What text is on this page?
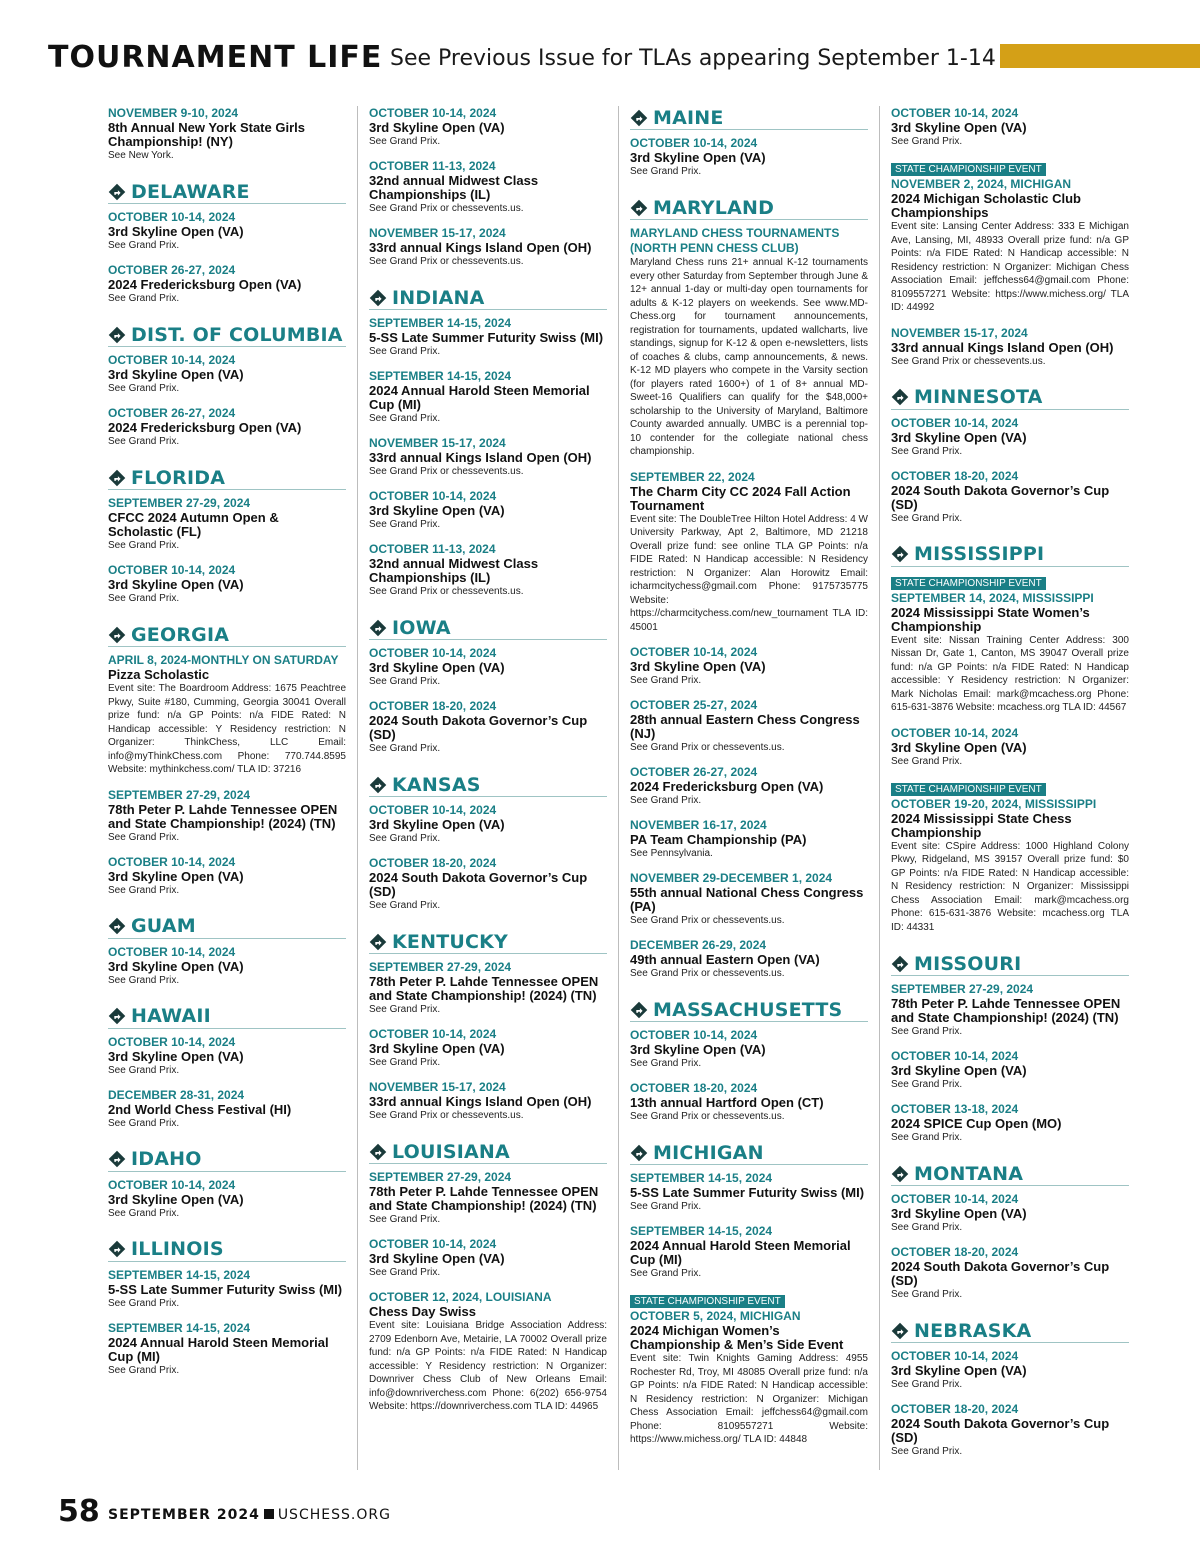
TOURNAMENT LIFE See Previous Issue for TLAs appearing September 1-14
NOVEMBER 9-10, 2024
8th Annual New York State Girls Championship! (NY)
See New York.
DELAWARE
OCTOBER 10-14, 2024
3rd Skyline Open (VA)
See Grand Prix.
OCTOBER 26-27, 2024
2024 Fredericksburg Open (VA)
See Grand Prix.
DIST. OF COLUMBIA
OCTOBER 10-14, 2024
3rd Skyline Open (VA)
See Grand Prix.
OCTOBER 26-27, 2024
2024 Fredericksburg Open (VA)
See Grand Prix.
FLORIDA
SEPTEMBER 27-29, 2024
CFCC 2024 Autumn Open & Scholastic (FL)
See Grand Prix.
OCTOBER 10-14, 2024
3rd Skyline Open (VA)
See Grand Prix.
GEORGIA
APRIL 8, 2024-MONTHLY ON SATURDAY
Pizza Scholastic
Event site: The Boardroom Address: 1675 Peachtree Pkwy, Suite #180, Cumming, Georgia 30041 Overall prize fund: n/a GP Points: n/a FIDE Rated: N Handicap accessible: Y Residency restriction: N Organizer: ThinkChess, LLC Email: info@myThinkChess.com Phone: 770.744.8595 Website: mythinkchess.com/ TLA ID: 37216
SEPTEMBER 27-29, 2024
78th Peter P. Lahde Tennessee OPEN and State Championship! (2024) (TN)
See Grand Prix.
OCTOBER 10-14, 2024
3rd Skyline Open (VA)
See Grand Prix.
GUAM
OCTOBER 10-14, 2024
3rd Skyline Open (VA)
See Grand Prix.
HAWAII
OCTOBER 10-14, 2024
3rd Skyline Open (VA)
See Grand Prix.
DECEMBER 28-31, 2024
2nd World Chess Festival (HI)
See Grand Prix.
IDAHO
OCTOBER 10-14, 2024
3rd Skyline Open (VA)
See Grand Prix.
ILLINOIS
SEPTEMBER 14-15, 2024
5-SS Late Summer Futurity Swiss (MI)
See Grand Prix.
SEPTEMBER 14-15, 2024
2024 Annual Harold Steen Memorial Cup (MI)
See Grand Prix.
OCTOBER 10-14, 2024
3rd Skyline Open (VA)
See Grand Prix.
OCTOBER 11-13, 2024
32nd annual Midwest Class Championships (IL)
See Grand Prix or chessevents.us.
NOVEMBER 15-17, 2024
33rd annual Kings Island Open (OH)
See Grand Prix or chessevents.us.
INDIANA
SEPTEMBER 14-15, 2024
5-SS Late Summer Futurity Swiss (MI)
See Grand Prix.
SEPTEMBER 14-15, 2024
2024 Annual Harold Steen Memorial Cup (MI)
See Grand Prix.
NOVEMBER 15-17, 2024
33rd annual Kings Island Open (OH)
See Grand Prix or chessevents.us.
OCTOBER 10-14, 2024
3rd Skyline Open (VA)
See Grand Prix.
OCTOBER 11-13, 2024
32nd annual Midwest Class Championships (IL)
See Grand Prix or chessevents.us.
IOWA
OCTOBER 10-14, 2024
3rd Skyline Open (VA)
See Grand Prix.
OCTOBER 18-20, 2024
2024 South Dakota Governor’s Cup (SD)
See Grand Prix.
KANSAS
OCTOBER 10-14, 2024
3rd Skyline Open (VA)
See Grand Prix.
OCTOBER 18-20, 2024
2024 South Dakota Governor’s Cup (SD)
See Grand Prix.
KENTUCKY
SEPTEMBER 27-29, 2024
78th Peter P. Lahde Tennessee OPEN and State Championship! (2024) (TN)
See Grand Prix.
OCTOBER 10-14, 2024
3rd Skyline Open (VA)
See Grand Prix.
NOVEMBER 15-17, 2024
33rd annual Kings Island Open (OH)
See Grand Prix or chessevents.us.
LOUISIANA
SEPTEMBER 27-29, 2024
78th Peter P. Lahde Tennessee OPEN and State Championship! (2024) (TN)
See Grand Prix.
OCTOBER 10-14, 2024
3rd Skyline Open (VA)
See Grand Prix.
OCTOBER 12, 2024, LOUISIANA
Chess Day Swiss
Event site: Louisiana Bridge Association Address: 2709 Edenborn Ave, Metairie, LA 70002 Overall prize fund: n/a GP Points: n/a FIDE Rated: N Handicap accessible: Y Residency restriction: N Organizer: Downriver Chess Club of New Orleans Email: info@downriverchess.com Phone: 6(202) 656-9754 Website: https://downriverchess.com TLA ID: 44965
MAINE
OCTOBER 10-14, 2024
3rd Skyline Open (VA)
See Grand Prix.
MARYLAND
MARYLAND CHESS TOURNAMENTS (NORTH PENN CHESS CLUB)
Maryland Chess runs 21+ annual K-12 tournaments every other Saturday from September through June & 12+ annual 1-day or multi-day open tournaments for adults & K-12 players on weekends. See www.MD-Chess.org for tournament announcements, registration for tournaments, updated wallcharts, live standings, signup for K-12 & open e-newsletters, lists of coaches & clubs, camp announcements, & news. K-12 MD players who compete in the Varsity section (for players rated 1600+) of 1 of 8+ annual MD-Sweet-16 Qualifiers can qualify for the $48,000+ scholarship to the University of Maryland, Baltimore County awarded annually. UMBC is a perennial top-10 contender for the collegiate national chess championship.
SEPTEMBER 22, 2024
The Charm City CC 2024 Fall Action Tournament
Event site: The DoubleTree Hilton Hotel Address: 4 W University Parkway, Apt 2, Baltimore, MD 21218 Overall prize fund: see online TLA GP Points: n/a FIDE Rated: N Handicap accessible: N Residency restriction: N Organizer: Alan Horowitz Email: icharmcitychess@gmail.com Phone: 9175735775 Website: https://charmcitychess.com/new_tournament TLA ID: 45001
OCTOBER 10-14, 2024
3rd Skyline Open (VA)
See Grand Prix.
OCTOBER 25-27, 2024
28th annual Eastern Chess Congress (NJ)
See Grand Prix or chessevents.us.
OCTOBER 26-27, 2024
2024 Fredericksburg Open (VA)
See Grand Prix.
NOVEMBER 16-17, 2024
PA Team Championship (PA)
See Pennsylvania.
NOVEMBER 29-DECEMBER 1, 2024
55th annual National Chess Congress (PA)
See Grand Prix or chessevents.us.
DECEMBER 26-29, 2024
49th annual Eastern Open (VA)
See Grand Prix or chessevents.us.
MASSACHUSETTS
OCTOBER 10-14, 2024
3rd Skyline Open (VA)
See Grand Prix.
OCTOBER 18-20, 2024
13th annual Hartford Open (CT)
See Grand Prix or chessevents.us.
MICHIGAN
SEPTEMBER 14-15, 2024
5-SS Late Summer Futurity Swiss (MI)
See Grand Prix.
SEPTEMBER 14-15, 2024
2024 Annual Harold Steen Memorial Cup (MI)
See Grand Prix.
STATE CHAMPIONSHIP EVENT
OCTOBER 5, 2024, MICHIGAN
2024 Michigan Women’s Championship & Men’s Side Event
Event site: Twin Knights Gaming Address: 4955 Rochester Rd, Troy, MI 48085 Overall prize fund: n/a GP Points: n/a FIDE Rated: N Handicap accessible: N Residency restriction: N Organizer: Michigan Chess Association Email: jeffchess64@gmail.com Phone: 8109557271 Website: https://www.michess.org/ TLA ID: 44848
OCTOBER 10-14, 2024
3rd Skyline Open (VA)
See Grand Prix.
STATE CHAMPIONSHIP EVENT
NOVEMBER 2, 2024, MICHIGAN
2024 Michigan Scholastic Club Championships
Event site: Lansing Center Address: 333 E Michigan Ave, Lansing, MI, 48933 Overall prize fund: n/a GP Points: n/a FIDE Rated: N Handicap accessible: N Residency restriction: N Organizer: Michigan Chess Association Email: jeffchess64@gmail.com Phone: 8109557271 Website: https://www.michess.org/ TLA ID: 44992
NOVEMBER 15-17, 2024
33rd annual Kings Island Open (OH)
See Grand Prix or chessevents.us.
MINNESOTA
OCTOBER 10-14, 2024
3rd Skyline Open (VA)
See Grand Prix.
OCTOBER 18-20, 2024
2024 South Dakota Governor’s Cup (SD)
See Grand Prix.
MISSISSIPPI
STATE CHAMPIONSHIP EVENT
SEPTEMBER 14, 2024, MISSISSIPPI
2024 Mississippi State Women’s Championship
Event site: Nissan Training Center Address: 300 Nissan Dr, Gate 1, Canton, MS 39047 Overall prize fund: n/a GP Points: n/a FIDE Rated: N Handicap accessible: Y Residency restriction: N Organizer: Mark Nicholas Email: mark@mcachess.org Phone: 615-631-3876 Website: mcachess.org TLA ID: 44567
OCTOBER 10-14, 2024
3rd Skyline Open (VA)
See Grand Prix.
STATE CHAMPIONSHIP EVENT
OCTOBER 19-20, 2024, MISSISSIPPI
2024 Mississippi State Chess Championship
Event site: CSpire Address: 1000 Highland Colony Pkwy, Ridgeland, MS 39157 Overall prize fund: $0 GP Points: n/a FIDE Rated: N Handicap accessible: N Residency restriction: N Organizer: Mississippi Chess Association Email: mark@mcachess.org Phone: 615-631-3876 Website: mcachess.org TLA ID: 44331
MISSOURI
SEPTEMBER 27-29, 2024
78th Peter P. Lahde Tennessee OPEN and State Championship! (2024) (TN)
See Grand Prix.
OCTOBER 10-14, 2024
3rd Skyline Open (VA)
See Grand Prix.
OCTOBER 13-18, 2024
2024 SPICE Cup Open (MO)
See Grand Prix.
MONTANA
OCTOBER 10-14, 2024
3rd Skyline Open (VA)
See Grand Prix.
OCTOBER 18-20, 2024
2024 South Dakota Governor’s Cup (SD)
See Grand Prix.
NEBRASKA
OCTOBER 10-14, 2024
3rd Skyline Open (VA)
See Grand Prix.
OCTOBER 18-20, 2024
2024 South Dakota Governor’s Cup (SD)
See Grand Prix.
58 SEPTEMBER 2024 USCHESS.ORG
